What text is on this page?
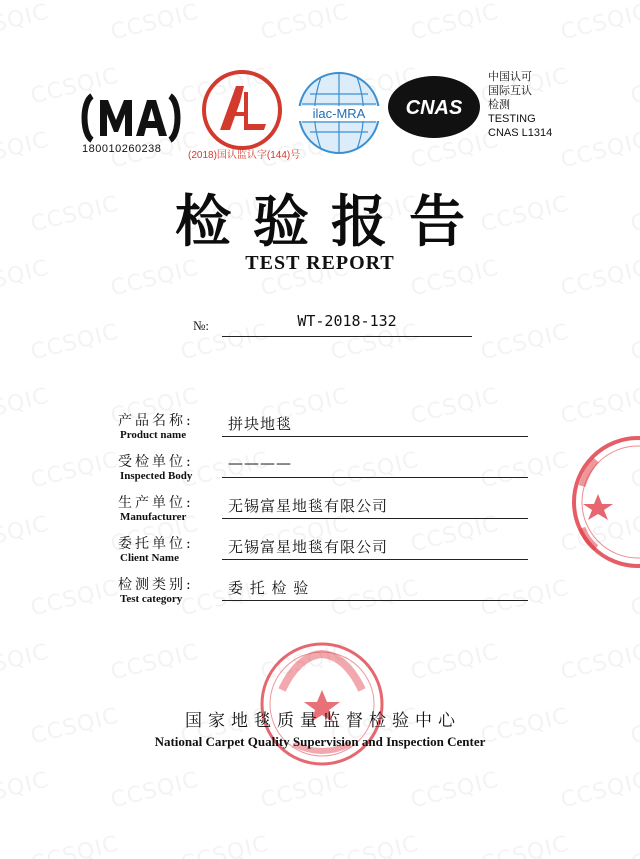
180010260238
(2018)国认监认字(144)号
ilac-MRA CNAS
中国认可
国际互认
检测
TESTING
CNAS L1314
检验报告
TEST REPORT
№:	WT-2018-132
产品名称:
Product name
拼块地毯
受检单位:
Inspected Body
————
生产单位:
Manufacturer
无锡富星地毯有限公司
委托单位:
Client Name
无锡富星地毯有限公司
检测类别:
Test category
委 托 检 验
国家地毯质量监督检验中心
National Carpet Quality Supervision and Inspection Center
